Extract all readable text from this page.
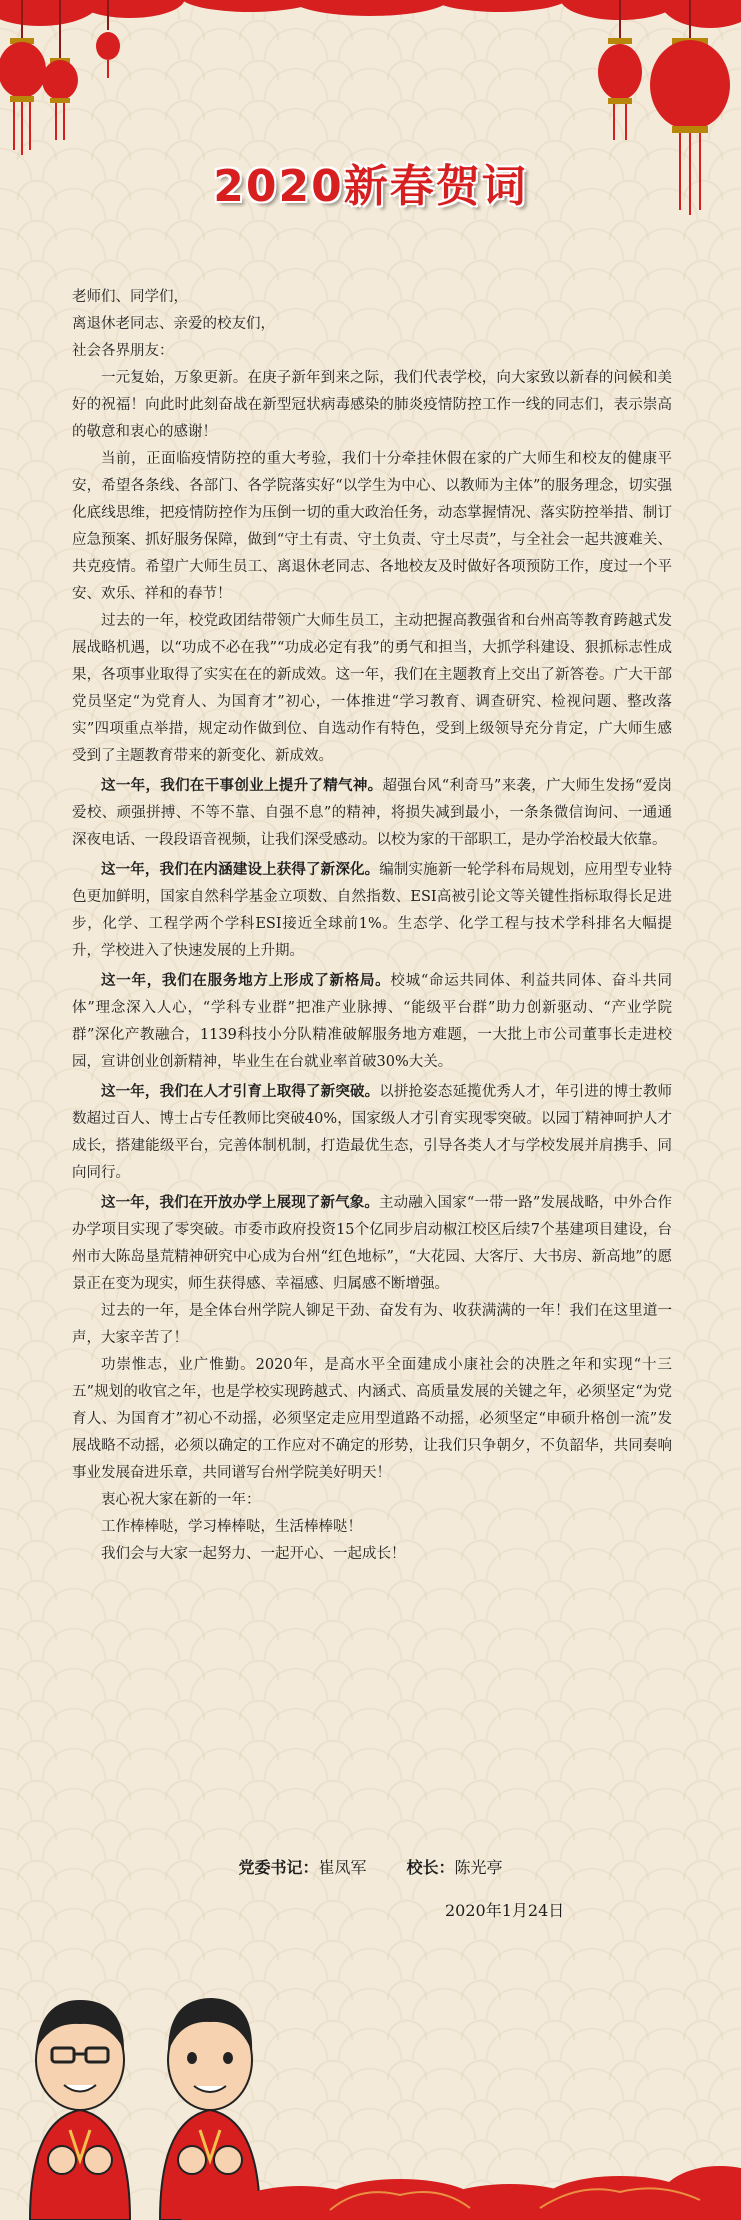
2020新春贺词

老师们、同学们，

离退休老同志、亲爱的校友们，

社会各界朋友：

一元复始，万象更新。在庚子新年到来之际，我们代表学校，向大家致以新春的问候和美好的祝福！向此时此刻奋战在新型冠状病毒感染的肺炎疫情防控工作一线的同志们，表示崇高的敬意和衷心的感谢！

当前，正面临疫情防控的重大考验，我们十分牵挂休假在家的广大师生和校友的健康平安，希望各条线、各部门、各学院落实好“以学生为中心、以教师为主体”的服务理念，切实强化底线思维，把疫情防控作为压倒一切的重大政治任务，动态掌握情况、落实防控举措、制订应急预案、抓好服务保障，做到“守土有责、守土负责、守土尽责”，与全社会一起共渡难关、共克疫情。希望广大师生员工、离退休老同志、各地校友及时做好各项预防工作，度过一个平安、欢乐、祥和的春节！

过去的一年，校党政团结带领广大师生员工，主动把握高教强省和台州高等教育跨越式发展战略机遇，以“功成不必在我”“功成必定有我”的勇气和担当，大抓学科建设、狠抓标志性成果，各项事业取得了实实在在的新成效。这一年，我们在主题教育上交出了新答卷。广大干部党员坚定“为党育人、为国育才”初心，一体推进“学习教育、调查研究、检视问题、整改落实”四项重点举措，规定动作做到位、自选动作有特色，受到上级领导充分肯定，广大师生感受到了主题教育带来的新变化、新成效。

这一年，我们在干事创业上提升了精气神。超强台风“利奇马”来袭，广大师生发扬“爱岗爱校、顽强拼搏、不等不靠、自强不息”的精神，将损失减到最小，一条条微信询问、一通通深夜电话、一段段语音视频，让我们深受感动。以校为家的干部职工，是办学治校最大依靠。

这一年，我们在内涵建设上获得了新深化。编制实施新一轮学科布局规划，应用型专业特色更加鲜明，国家自然科学基金立项数、自然指数、ESI高被引论文等关键性指标取得长足进步，化学、工程学两个学科ESI接近全球前1%。生态学、化学工程与技术学科排名大幅提升，学校进入了快速发展的上升期。

这一年，我们在服务地方上形成了新格局。校城“命运共同体、利益共同体、奋斗共同体”理念深入人心，“学科专业群”把准产业脉搏、“能级平台群”助力创新驱动、“产业学院群”深化产教融合，1139科技小分队精准破解服务地方难题，一大批上市公司董事长走进校园，宣讲创业创新精神，毕业生在台就业率首破30%大关。

这一年，我们在人才引育上取得了新突破。以拼抢姿态延揽优秀人才，年引进的博士教师数超过百人、博士占专任教师比突破40%，国家级人才引育实现零突破。以园丁精神呵护人才成长，搭建能级平台，完善体制机制，打造最优生态，引导各类人才与学校发展并肩携手、同向同行。

这一年，我们在开放办学上展现了新气象。主动融入国家“一带一路”发展战略，中外合作办学项目实现了零突破。市委市政府投资15个亿同步启动椒江校区后续7个基建项目建设，台州市大陈岛垦荒精神研究中心成为台州“红色地标”，“大花园、大客厅、大书房、新高地”的愿景正在变为现实，师生获得感、幸福感、归属感不断增强。

过去的一年，是全体台州学院人铆足干劲、奋发有为、收获满满的一年！我们在这里道一声，大家辛苦了！

功崇惟志，业广惟勤。2020年，是高水平全面建成小康社会的决胜之年和实现“十三五”规划的收官之年，也是学校实现跨越式、内涵式、高质量发展的关键之年，必须坚定“为党育人、为国育才”初心不动摇，必须坚定走应用型道路不动摇，必须坚定“申硕升格创一流”发展战略不动摇，必须以确定的工作应对不确定的形势，让我们只争朝夕，不负韶华，共同奏响事业发展奋进乐章，共同谱写台州学院美好明天！

衷心祝大家在新的一年：

工作棒棒哒，学习棒棒哒，生活棒棒哒！

我们会与大家一起努力、一起开心、一起成长！

党委书记：崔凤军	校长：陈光亭
2020年1月24日
